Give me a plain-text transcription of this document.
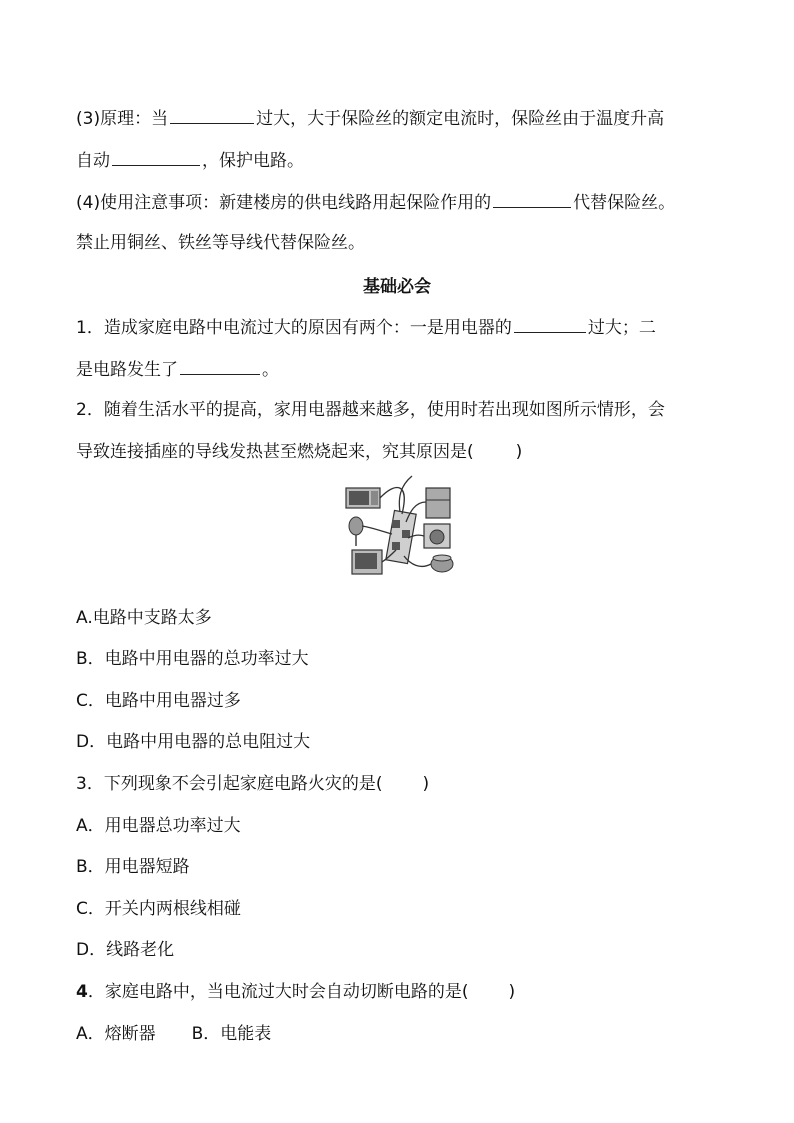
(3)原理：当	过大，大于保险丝的额定电流时，保险丝由于温度升高
自动	，保护电路。
(4)使用注意事项：新建楼房的供电线路用起保险作用的	代替保险丝。
禁止用铜丝、铁丝等导线代替保险丝。
基础必会
1．造成家庭电路中电流过大的原因有两个：一是用电器的	过大；二
是电路发生了	。
2．随着生活水平的提高，家用电器越来越多，使用时若出现如图所示情形，会
导致连接插座的导线发热甚至燃烧起来，究其原因是( )
A.电路中支路太多
B．电路中用电器的总功率过大
C．电路中用电器过多
D．电路中用电器的总电阻过大
3．下列现象不会引起家庭电路火灾的是( )
A．用电器总功率过大
B．用电器短路
C．开关内两根线相碰
D．线路老化
4．家庭电路中，当电流过大时会自动切断电路的是( )
A．熔断器 B．电能表
